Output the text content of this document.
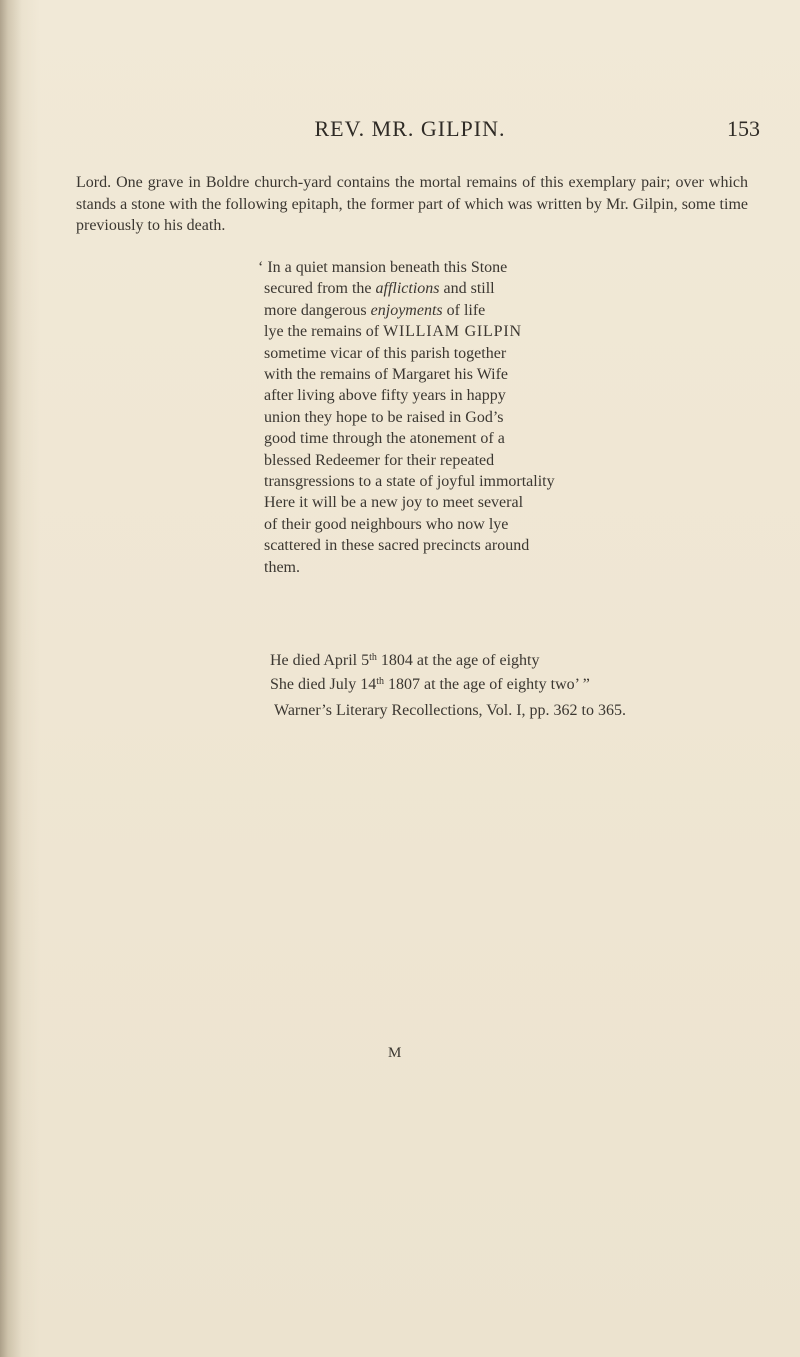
REV. MR. GILPIN.	153
Lord. One grave in Boldre church-yard contains the mortal remains of this exemplary pair; over which stands a stone with the following epitaph, the former part of which was written by Mr. Gilpin, some time previously to his death.
‘ In a quiet mansion beneath this Stone
secured from the afflictions and still
more dangerous enjoyments of life
lye the remains of WILLIAM GILPIN
sometime vicar of this parish together
with the remains of Margaret his Wife
after living above fifty years in happy
union they hope to be raised in God’s
good time through the atonement of a
blessed Redeemer for their repeated
transgressions to a state of joyful immortality
Here it will be a new joy to meet several
of their good neighbours who now lye
scattered in these sacred precincts around
them.
He died April 5th 1804 at the age of eighty
She died July 14th 1807 at the age of eighty two’ ”
Warner’s Literary Recollections, Vol. I, pp. 362 to 365.
M
